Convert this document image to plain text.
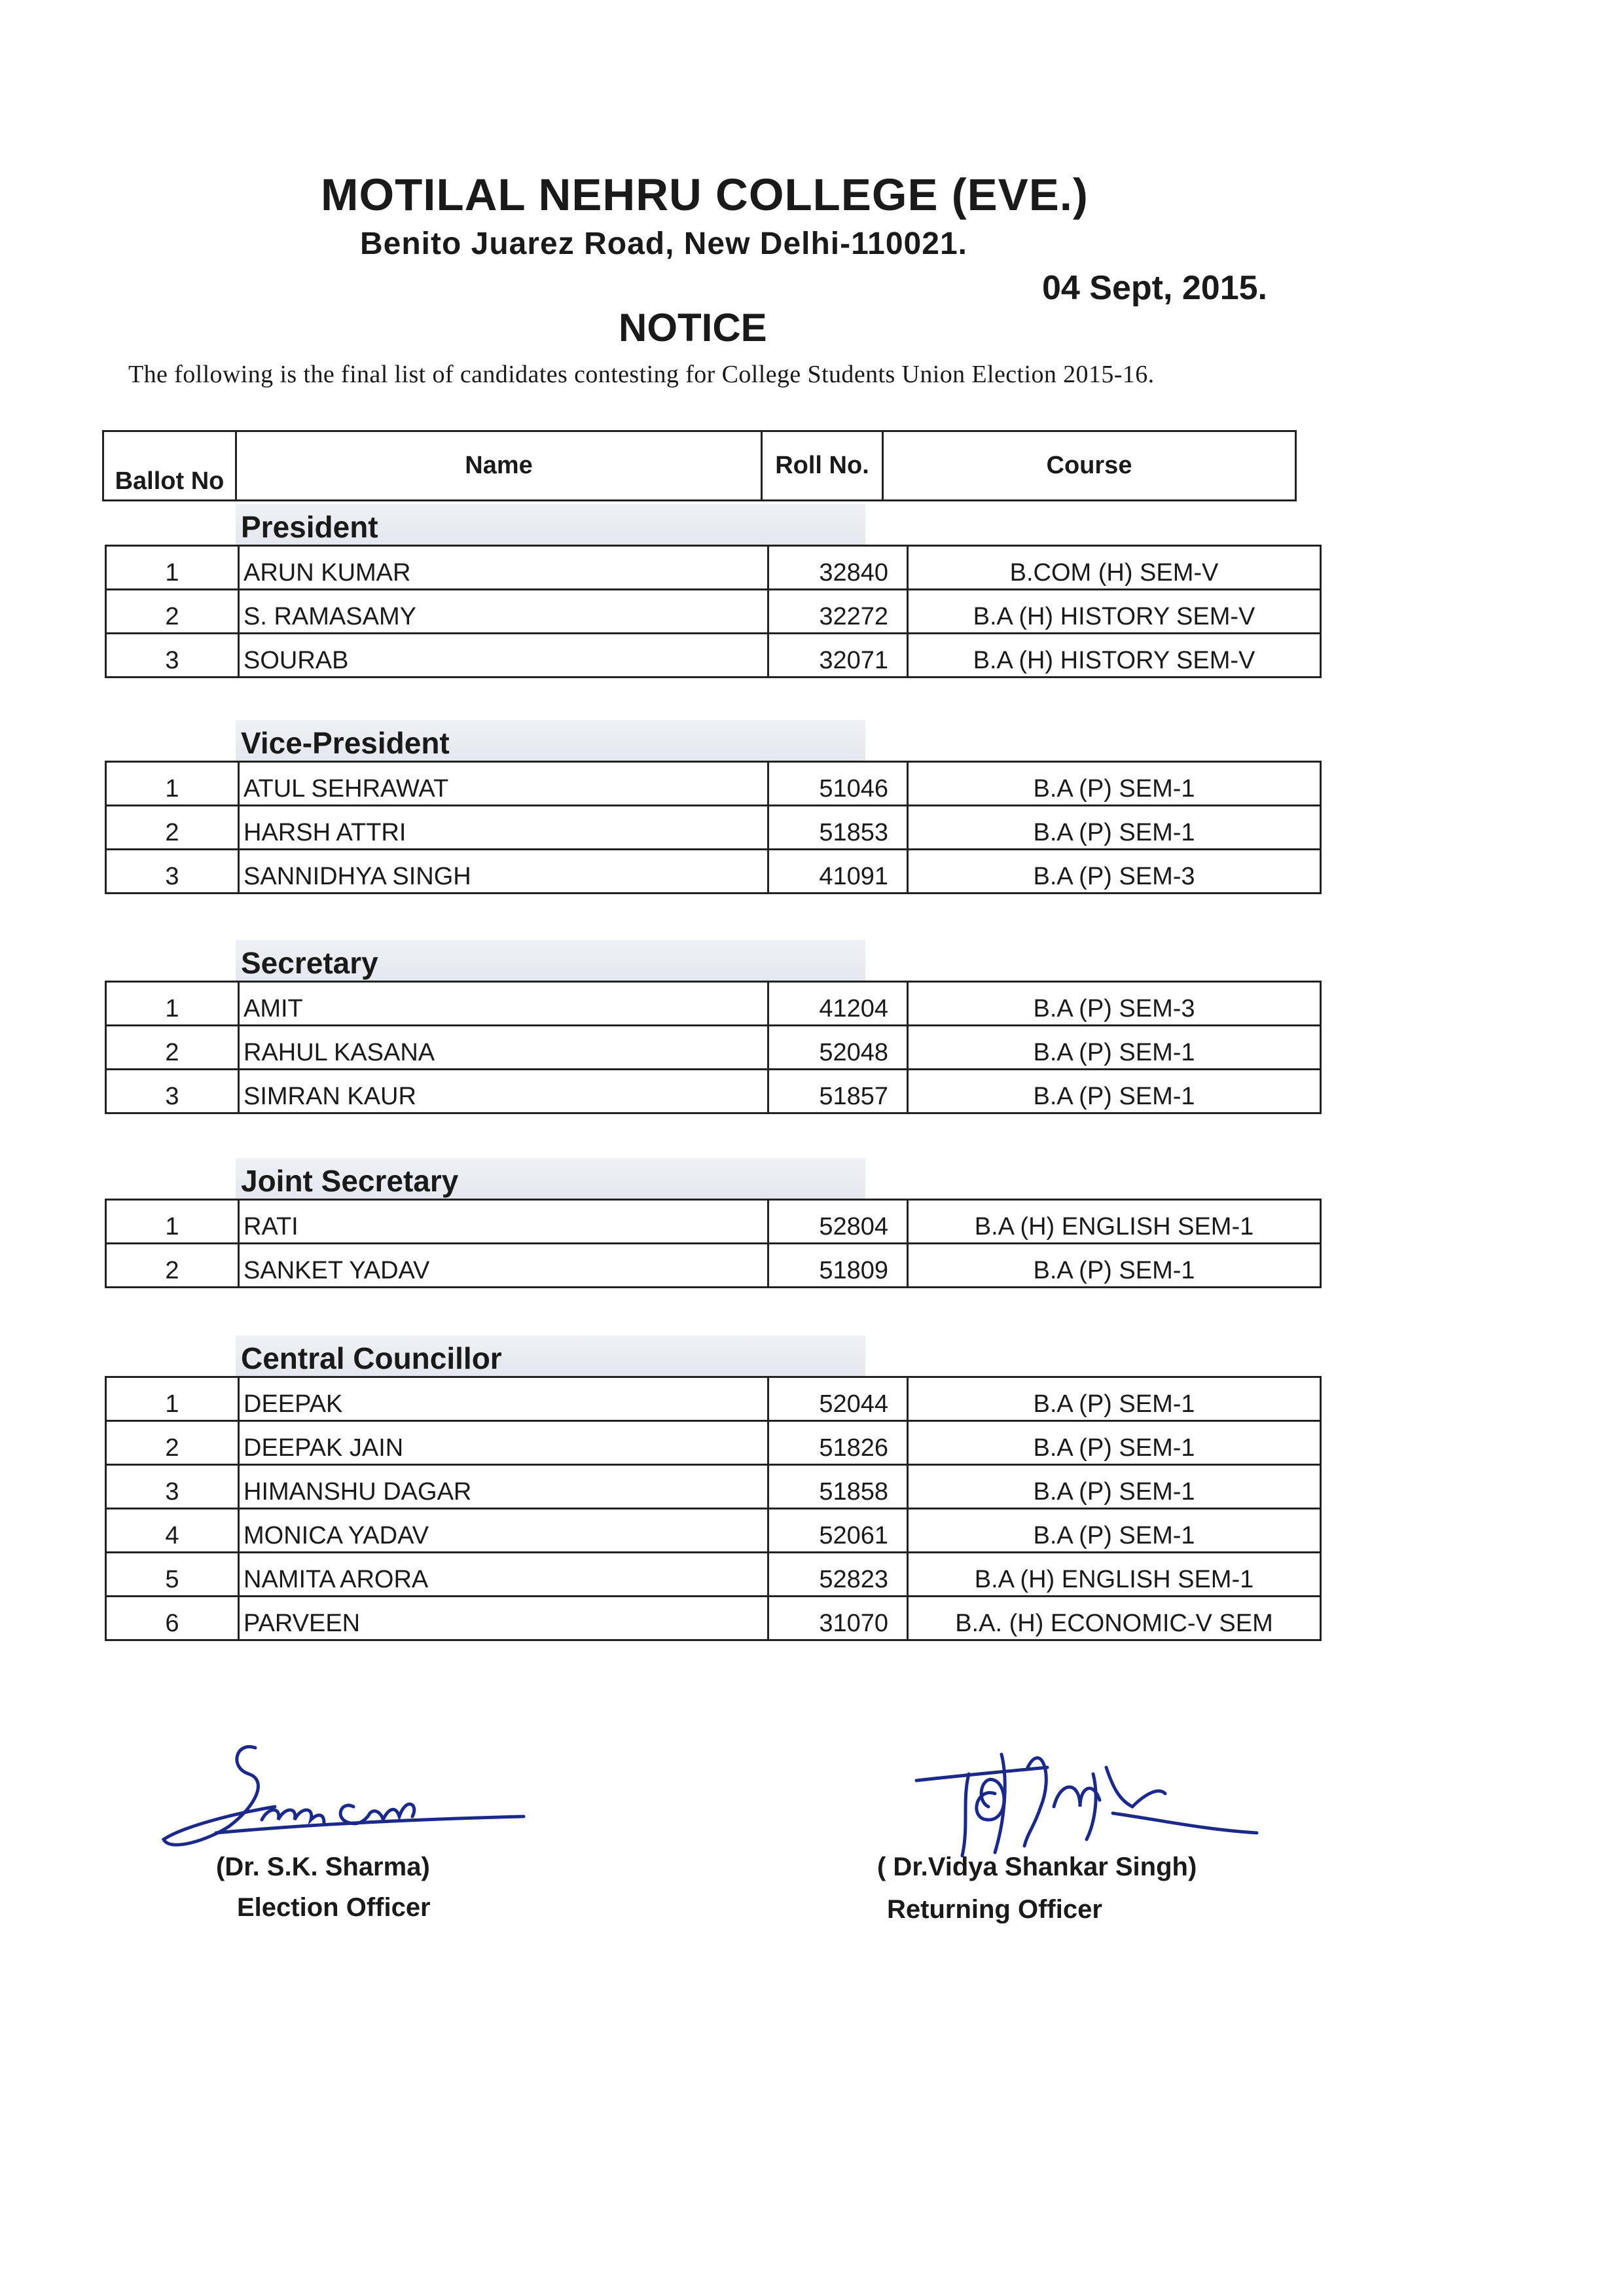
MOTILAL NEHRU COLLEGE (EVE.)
Benito Juarez Road, New Delhi-110021.
04 Sept, 2015.
NOTICE
The following is the final list of candidates contesting for College Students Union Election 2015-16.
Ballot No	Name	Roll No.	Course
President
1	ARUN KUMAR	32840	B.COM (H) SEM-V
2	S. RAMASAMY	32272	B.A (H) HISTORY SEM-V
3	SOURAB	32071	B.A (H) HISTORY SEM-V
Vice-President
1	ATUL SEHRAWAT	51046	B.A (P) SEM-1
2	HARSH ATTRI	51853	B.A (P) SEM-1
3	SANNIDHYA SINGH	41091	B.A (P) SEM-3
Secretary
1	AMIT	41204	B.A (P) SEM-3
2	RAHUL KASANA	52048	B.A (P) SEM-1
3	SIMRAN KAUR	51857	B.A (P) SEM-1
Joint Secretary
1	RATI	52804	B.A (H) ENGLISH SEM-1
2	SANKET YADAV	51809	B.A (P) SEM-1
Central Councillor
1	DEEPAK	52044	B.A (P) SEM-1
2	DEEPAK JAIN	51826	B.A (P) SEM-1
3	HIMANSHU DAGAR	51858	B.A (P) SEM-1
4	MONICA YADAV	52061	B.A (P) SEM-1
5	NAMITA ARORA	52823	B.A (H) ENGLISH SEM-1
6	PARVEEN	31070	B.A. (H) ECONOMIC-V SEM
(Dr. S.K. Sharma)
Election Officer
( Dr.Vidya Shankar Singh)
Returning Officer
